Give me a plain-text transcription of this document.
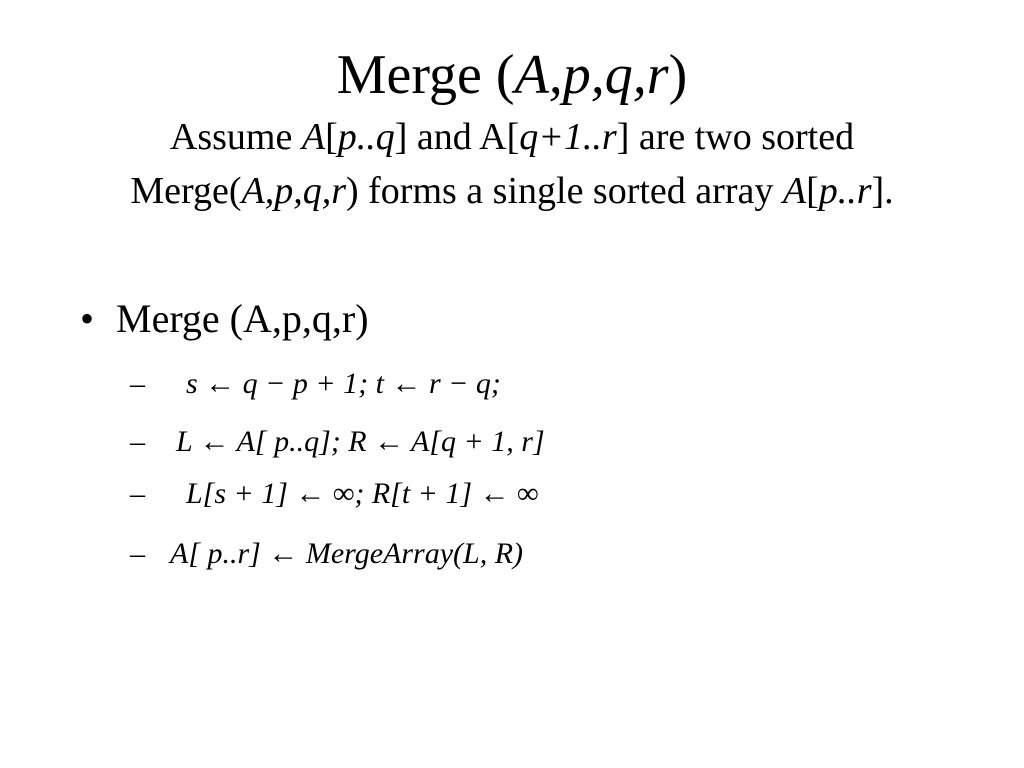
Merge (A,p,q,r)
Assume A[p..q] and A[q+1..r] are two sorted
Merge(A,p,q,r) forms a single sorted array A[p..r].
• Merge (A,p,q,r)
– s ← q − p + 1; t ← r − q;
– L ← A[ p..q]; R ← A[q + 1, r]
– L[s + 1] ← ∞; R[t + 1] ← ∞
– A[ p..r] ← MergeArray(L, R)
